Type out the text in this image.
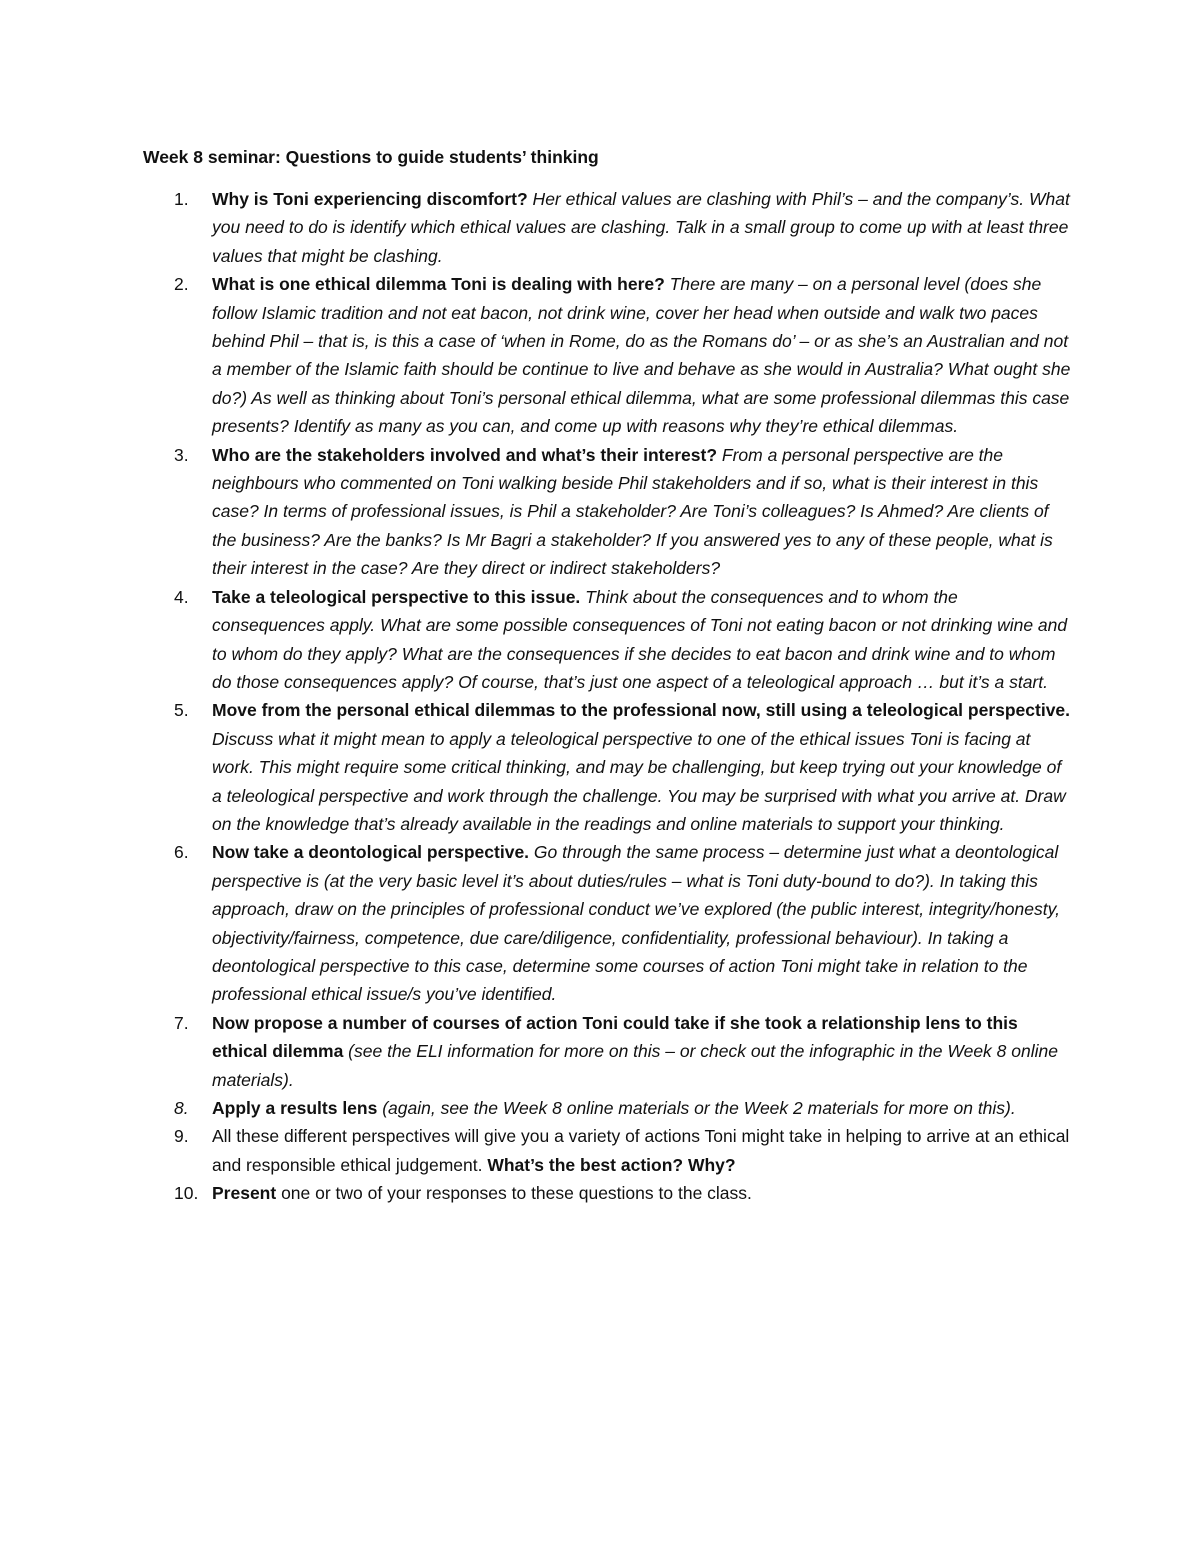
Week 8 seminar: Questions to guide students’ thinking

1.	Why is Toni experiencing discomfort? Her ethical values are clashing with Phil’s – and the company’s. What you need to do is identify which ethical values are clashing. Talk in a small group to come up with at least three values that might be clashing.
2.	What is one ethical dilemma Toni is dealing with here? There are many – on a personal level (does she follow Islamic tradition and not eat bacon, not drink wine, cover her head when outside and walk two paces behind Phil – that is, is this a case of ‘when in Rome, do as the Romans do’ – or as she’s an Australian and not a member of the Islamic faith should be continue to live and behave as she would in Australia? What ought she do?) As well as thinking about Toni’s personal ethical dilemma, what are some professional dilemmas this case presents? Identify as many as you can, and come up with reasons why they’re ethical dilemmas.
3.	Who are the stakeholders involved and what’s their interest? From a personal perspective are the neighbours who commented on Toni walking beside Phil stakeholders and if so, what is their interest in this case? In terms of professional issues, is Phil a stakeholder? Are Toni’s colleagues? Is Ahmed? Are clients of the business? Are the banks? Is Mr Bagri a stakeholder? If you answered yes to any of these people, what is their interest in the case? Are they direct or indirect stakeholders?
4.	Take a teleological perspective to this issue. Think about the consequences and to whom the consequences apply. What are some possible consequences of Toni not eating bacon or not drinking wine and to whom do they apply? What are the consequences if she decides to eat bacon and drink wine and to whom do those consequences apply? Of course, that’s just one aspect of a teleological approach … but it’s a start.
5.	Move from the personal ethical dilemmas to the professional now, still using a teleological perspective. Discuss what it might mean to apply a teleological perspective to one of the ethical issues Toni is facing at work. This might require some critical thinking, and may be challenging, but keep trying out your knowledge of a teleological perspective and work through the challenge. You may be surprised with what you arrive at. Draw on the knowledge that’s already available in the readings and online materials to support your thinking.
6.	Now take a deontological perspective. Go through the same process – determine just what a deontological perspective is (at the very basic level it’s about duties/rules – what is Toni duty-bound to do?). In taking this approach, draw on the principles of professional conduct we’ve explored (the public interest, integrity/honesty, objectivity/fairness, competence, due care/diligence, confidentiality, professional behaviour). In taking a deontological perspective to this case, determine some courses of action Toni might take in relation to the professional ethical issue/s you’ve identified.
7.	Now propose a number of courses of action Toni could take if she took a relationship lens to this ethical dilemma (see the ELI information for more on this – or check out the infographic in the Week 8 online materials).
8.	Apply a results lens (again, see the Week 8 online materials or the Week 2 materials for more on this).
9.	All these different perspectives will give you a variety of actions Toni might take in helping to arrive at an ethical and responsible ethical judgement. What’s the best action? Why?
10. Present one or two of your responses to these questions to the class.
